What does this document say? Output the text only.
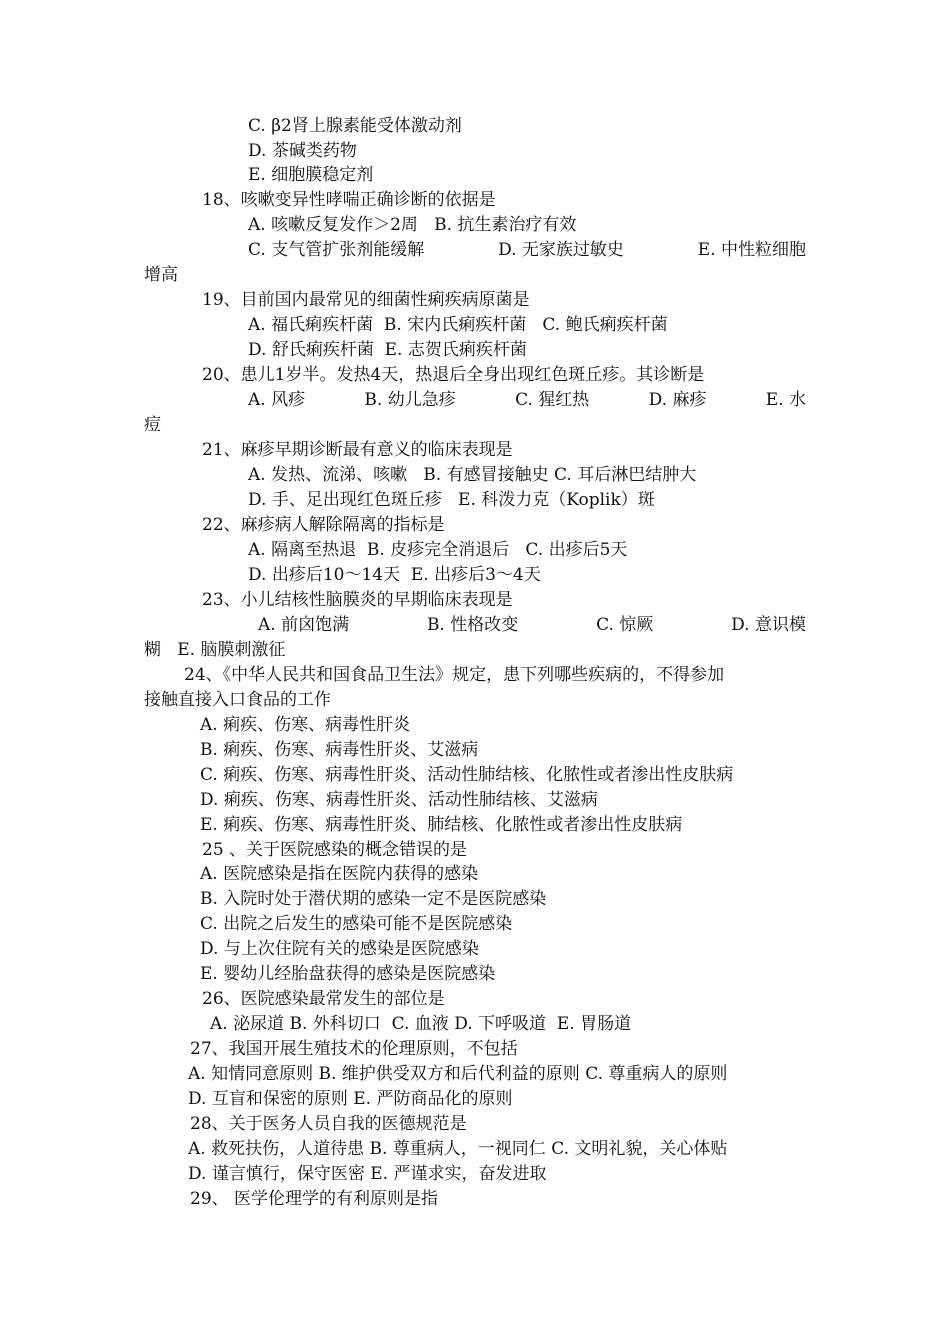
C. β2肾上腺素能受体激动剂

D. 茶碱类药物

E. 细胞膜稳定剂

18、咳嗽变异性哮喘正确诊断的依据是

A. 咳嗽反复发作＞2周   B. 抗生素治疗有效

C. 支气管扩张剂能缓解	D. 无家族过敏史	E. 中性粒细胞

增高

19、目前国内最常见的细菌性痢疾病原菌是

A. 福氏痢疾杆菌  B. 宋内氏痢疾杆菌   C. 鲍氏痢疾杆菌

D. 舒氏痢疾杆菌  E. 志贺氏痢疾杆菌

20、患儿1岁半。发热4天，热退后全身出现红色斑丘疹。其诊断是

A. 风疹	B. 幼儿急疹	C. 猩红热	D. 麻疹	E. 水

痘

21、麻疹早期诊断最有意义的临床表现是

A. 发热、流涕、咳嗽   B. 有感冒接触史 C. 耳后淋巴结肿大

D. 手、足出现红色斑丘疹   E. 科泼力克（Koplik）斑

22、麻疹病人解除隔离的指标是

A. 隔离至热退  B. 皮疹完全消退后   C. 出疹后5天

D. 出疹后10～14天  E. 出疹后3～4天

23、小儿结核性脑膜炎的早期临床表现是

A. 前囟饱满	B. 性格改变	C. 惊厥	D. 意识模

糊   E. 脑膜刺激征

24、《中华人民共和国食品卫生法》规定，患下列哪些疾病的，不得参加

接触直接入口食品的工作

A. 痢疾、伤寒、病毒性肝炎

B. 痢疾、伤寒、病毒性肝炎、艾滋病

C. 痢疾、伤寒、病毒性肝炎、活动性肺结核、化脓性或者渗出性皮肤病

D. 痢疾、伤寒、病毒性肝炎、活动性肺结核、艾滋病

E. 痢疾、伤寒、病毒性肝炎、肺结核、化脓性或者渗出性皮肤病

25 、关于医院感染的概念错误的是

A. 医院感染是指在医院内获得的感染

B. 入院时处于潜伏期的感染一定不是医院感染

C. 出院之后发生的感染可能不是医院感染

D. 与上次住院有关的感染是医院感染

E. 婴幼儿经胎盘获得的感染是医院感染

26、医院感染最常发生的部位是

A. 泌尿道 B. 外科切口  C. 血液 D. 下呼吸道  E. 胃肠道

27、我国开展生殖技术的伦理原则，不包括

A. 知情同意原则 B. 维护供受双方和后代利益的原则 C. 尊重病人的原则

D. 互盲和保密的原则 E. 严防商品化的原则

28、关于医务人员自我的医德规范是

A. 救死扶伤，人道待患 B. 尊重病人，一视同仁 C. 文明礼貌，关心体贴

D. 谨言慎行，保守医密 E. 严谨求实，奋发进取

29、 医学伦理学的有利原则是指
